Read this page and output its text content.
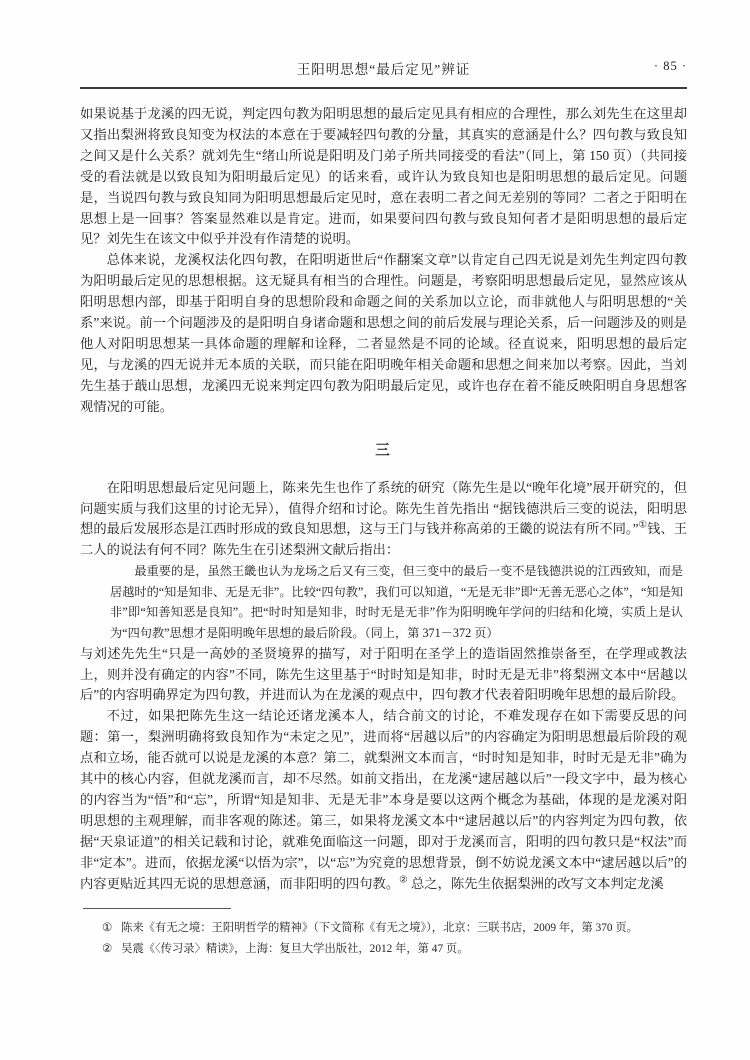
王阳明思想“最后定见”辨证	· 85 ·

如果说基于龙溪的四无说，判定四句教为阳明思想的最后定见具有相应的合理性，那么刘先生在这里却又指出梨洲将致良知变为权法的本意在于要减轻四句教的分量，其真实的意涵是什么？四句教与致良知之间又是什么关系？就刘先生“绪山所说是阳明及门弟子所共同接受的看法”（同上，第 150 页）（共同接受的看法就是以致良知为阳明最后定见）的话来看，或许认为致良知也是阳明思想的最后定见。问题是，当说四句教与致良知同为阳明思想最后定见时，意在表明二者之间无差别的等同？二者之于阳明在思想上是一回事？答案显然难以是肯定。进而，如果要问四句教与致良知何者才是阳明思想的最后定见？刘先生在该文中似乎并没有作清楚的说明。

总体来说，龙溪权法化四句教，在阳明逝世后“作翻案文章”以肯定自己四无说是刘先生判定四句教为阳明最后定见的思想根据。这无疑具有相当的合理性。问题是，考察阳明思想最后定见，显然应该从阳明思想内部，即基于阳明自身的思想阶段和命题之间的关系加以立论，而非就他人与阳明思想的“关系”来说。前一个问题涉及的是阳明自身诸命题和思想之间的前后发展与理论关系，后一问题涉及的则是他人对阳明思想某一具体命题的理解和诠释，二者显然是不同的论域。径直说来，阳明思想的最后定见，与龙溪的四无说并无本质的关联，而只能在阳明晚年相关命题和思想之间来加以考察。因此，当刘先生基于蕺山思想，龙溪四无说来判定四句教为阳明最后定见，或许也存在着不能反映阳明自身思想客观情况的可能。

三

在阳明思想最后定见问题上，陈来先生也作了系统的研究（陈先生是以“晚年化境”展开研究的，但问题实质与我们这里的讨论无异），值得介绍和讨论。陈先生首先指出 “据钱德洪后三变的说法，阳明思想的最后发展形态是江西时形成的致良知思想，这与王门与钱并称高弟的王畿的说法有所不同。”①钱、王二人的说法有何不同？陈先生在引述梨洲文献后指出：

最重要的是，虽然王畿也认为龙场之后又有三变，但三变中的最后一变不是钱德洪说的江西致知，而是居越时的“知是知非、无是无非”。比较“四句教”，我们可以知道，“无是无非”即“无善无恶心之体”，“知是知非”即“知善知恶是良知”。把“时时知是知非，时时无是无非”作为阳明晚年学问的归结和化境，实质上是认为“四句教”思想才是阳明晚年思想的最后阶段。（同上，第 371－372 页）

与刘述先先生“只是一高妙的圣贤境界的描写，对于阳明在圣学上的造诣固然推崇备至，在学理或教法上，则并没有确定的内容”不同，陈先生这里基于“时时知是知非，时时无是无非”将梨洲文本中“居越以后”的内容明确界定为四句教，并进而认为在龙溪的观点中，四句教才代表着阳明晚年思想的最后阶段。

不过，如果把陈先生这一结论还诸龙溪本人，结合前文的讨论，不难发现存在如下需要反思的问题：第一，梨洲明确将致良知作为“未定之见”，进而将“居越以后”的内容确定为阳明思想最后阶段的观点和立场，能否就可以说是龙溪的本意？第二，就梨洲文本而言，“时时知是知非，时时无是无非”确为其中的核心内容，但就龙溪而言，却不尽然。如前文指出，在龙溪“逮居越以后”一段文字中，最为核心的内容当为“悟”和“忘”，所谓“知是知非、无是无非”本身是要以这两个概念为基础，体现的是龙溪对阳明思想的主观理解，而非客观的陈述。第三，如果将龙溪文本中“逮居越以后”的内容判定为四句教，依据“天泉证道”的相关记载和讨论，就难免面临这一问题，即对于龙溪而言，阳明的四句教只是“权法”而非“定本”。进而，依据龙溪“以悟为宗”，以“忘”为究竟的思想背景，倒不妨说龙溪文本中“逮居越以后”的内容更贴近其四无说的思想意涵，而非阳明的四句教。② 总之，陈先生依据梨洲的改写文本判定龙溪

① 陈来《有无之境：王阳明哲学的精神》（下文简称《有无之境》），北京：三联书店，2009 年，第 370 页。
② 吴震《〈传习录〉精读》，上海：复旦大学出版社，2012 年，第 47 页。
